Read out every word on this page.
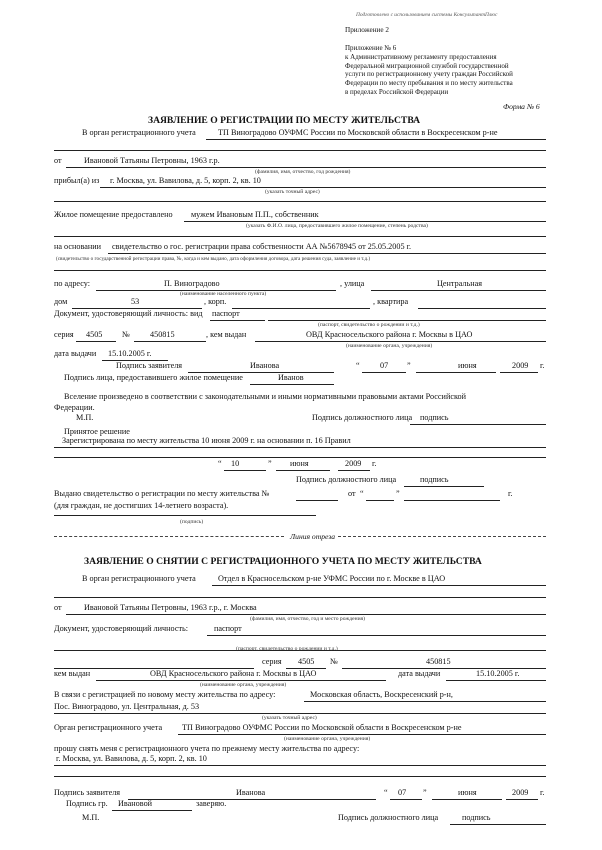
Подготовлено с использованием системы КонсультантПлюс
Приложение 2
Приложение № 6
к Административному регламенту предоставления
Федеральной миграционной службой государственной
услуги по регистрационному учету граждан Российской
Федерации по месту пребывания и по месту жительства
в пределах Российской Федерации
Форма № 6
ЗАЯВЛЕНИЕ О РЕГИСТРАЦИИ ПО МЕСТУ ЖИТЕЛЬСТВА
В орган регистрационного учета	ТП Виноградово ОУФМС России по Московской области в Воскресенском р-не
от	Ивановой Татьяны Петровны, 1963 г.р.
(фамилия, имя, отчество, год рождения)
прибыл(а) из г. Москва, ул. Вавилова, д. 5, корп. 2, кв. 10
(указать точный адрес)
Жилое помещение предоставлено мужем Ивановым П.П., собственник
(указать Ф.И.О. лица, предоставившего жилое помещение, степень родства)
на основании свидетельство о гос. регистрации права собственности АА №5678945 от 25.05.2005 г.
(свидетельство о государственной регистрации права, №, когда и кем выдано, дата оформления договора, дата решения суда, заявление и т.д.)
по адресу:	П. Виноградово
(наименование населенного пункта)
, улица	Центральная
дом	53	, корп.	, квартира
Документ, удостоверяющий личность: вид паспорт
(паспорт, свидетельство о рождении и т.д.)
серия 4505 № 450815	, кем выдан	ОВД Красносельского района г. Москвы в ЦАО
(наименование органа, учреждения)
дата выдачи 15.10.2005 г.
Подпись заявителя	Иванова	“ 07 ”	июня	2009 г.
Подпись лица, предоставившего жилое помещение	Иванов
Вселение произведено в соответствии с законодательными и иными нормативными правовыми актами Российской
Федерации.
М.П.	Подпись должностного лица подпись
Принятое решение
Зарегистрирована по месту жительства 10 июня 2009 г. на основании п. 16 Правил
“ 10	” июня	2009 г.
Подпись должностного лица	подпись
Выдано свидетельство о регистрации по месту жительства №	от “	”	г.
(для граждан, не достигших 14-летнего возраста).
(подпись)
Линия отреза
ЗАЯВЛЕНИЕ О СНЯТИИ С РЕГИСТРАЦИОННОГО УЧЕТА ПО МЕСТУ ЖИТЕЛЬСТВА
В орган регистрационного учета	Отдел в Красносельском р-не УФМС России по г. Москве в ЦАО
от	Ивановой Татьяны Петровны, 1963 г.р., г. Москва
(фамилия, имя, отчество, год и место рождения)
Документ, удостоверяющий личность:	паспорт
(паспорт, свидетельство о рождении и т.д.)
серия 4505 №	450815
кем выдан	ОВД Красносельского района г. Москвы в ЦАО
(наименование органа, учреждения)
дата выдачи	15.10.2005 г.
В связи с регистрацией по новому месту жительства по адресу:	Московская область, Воскресенский р-н,
Пос. Виноградово, ул. Центральная, д. 53
(указать точный адрес)
Орган регистрационного учета ТП Виноградово ОУФМС России по Московской области в Воскресенском р-не
(наименование органа, учреждения)
прошу снять меня с регистрационного учета по прежнему месту жительства по адресу:
г. Москва, ул. Вавилова, д. 5, корп. 2, кв. 10
Подпись заявителя	Иванова	“ 07 ”	июня	2009 г.
Подпись гр. Ивановой	заверяю.
М.П.	Подпись должностного лица	подпись
